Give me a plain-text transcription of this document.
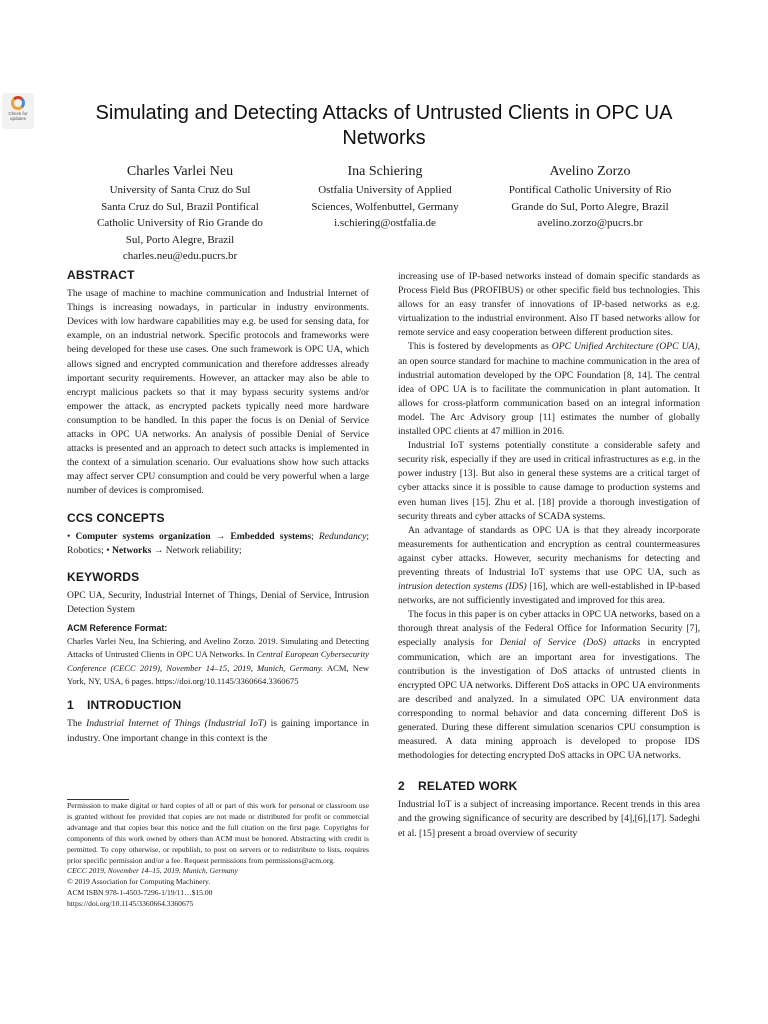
Check for
updates	Simulating and Detecting Attacks of Untrusted Clients in OPC UA Networks
Charles Varlei Neu
University of Santa Cruz do Sul
Santa Cruz do Sul, Brazil Pontifical
Catholic University of Rio Grande do
Sul, Porto Alegre, Brazil
charles.neu@edu.pucrs.br
Ina Schiering
Ostfalia University of Applied
Sciences, Wolfenbuttel, Germany
i.schiering@ostfalia.de
Avelino Zorzo
Pontifical Catholic University of Rio
Grande do Sul, Porto Alegre, Brazil
avelino.zorzo@pucrs.br
ABSTRACT

The usage of machine to machine communication and Industrial Internet of Things is increasing nowadays, in particular in industry environments. Devices with low hardware capabilities may e.g. be used for sensing data, for example, on an industrial network. Specific protocols and frameworks were being developed for these use cases. One such framework is OPC UA, which allows signed and encrypted communication and therefore addresses already important security requirements. However, an attacker may also be able to encrypt malicious packets so that it may bypass security systems and/or empower the attack, as encrypted packets typically need more hardware consumption to be handled. In this paper the focus is on Denial of Service attacks in OPC UA networks. An analysis of possible Denial of Service attacks is presented and an approach to detect such attacks is implemented in the context of a simulation scenario. Our evaluations show how such attacks may affect server CPU consumption and could be very powerful when a large number of devices is compromised.

CCS CONCEPTS

• Computer systems organization → Embedded systems; Redundancy; Robotics; • Networks → Network reliability;

KEYWORDS

OPC UA, Security, Industrial Internet of Things, Denial of Service, Intrusion Detection System

ACM Reference Format:

Charles Varlei Neu, Ina Schiering, and Avelino Zorzo. 2019. Simulating and Detecting Attacks of Untrusted Clients in OPC UA Networks. In Central European Cybersecurity Conference (CECC 2019), November 14–15, 2019, Munich, Germany. ACM, New York, NY, USA, 6 pages. https://doi.org/10.1145/3360664.3360675

1 INTRODUCTION

The Industrial Internet of Things (Industrial IoT) is gaining importance in industry. One important change in this context is the

Permission to make digital or hard copies of all or part of this work for personal or classroom use is granted without fee provided that copies are not made or distributed for profit or commercial advantage and that copies bear this notice and the full citation on the first page. Copyrights for components of this work owned by others than ACM must be honored. Abstracting with credit is permitted. To copy otherwise, or republish, to post on servers or to redistribute to lists, requires prior specific permission and/or a fee. Request permissions from permissions@acm.org.
CECC 2019, November 14–15, 2019, Munich, Germany
© 2019 Association for Computing Machinery.
ACM ISBN 978-1-4503-7296-1/19/11…$15.00
https://doi.org/10.1145/3360664.3360675

increasing use of IP-based networks instead of domain specific standards as Process Field Bus (PROFIBUS) or other specific field bus technologies. This allows for an easy transfer of innovations of IP-based networks as e.g. virtualization to the industrial environment. Also IT based networks allow for remote service and easy cooperation between different production sites.

This is fostered by developments as OPC Unified Architecture (OPC UA), an open source standard for machine to machine communication in the area of industrial automation developed by the OPC Foundation [8, 14]. The central idea of OPC UA is to facilitate the communication in plant automation. It allows for cross-platform communication based on an integral information model. The Arc Advisory group [11] estimates the number of globally installed OPC clients at 47 million in 2016.

Industrial IoT systems potentially constitute a considerable safety and security risk, especially if they are used in critical infrastructures as e.g. in the power industry [13]. But also in general these systems are a critical target of cyber attacks since it is possible to cause damage to production systems and even human lives [15]. Zhu et al. [18] provide a thorough investigation of security threats and cyber attacks of SCADA systems.

An advantage of standards as OPC UA is that they already incorporate measurements for authentication and encryption as central countermeasures against cyber attacks. However, security mechanisms for detecting and preventing threats of Industrial IoT systems that use OPC UA, such as intrusion detection systems (IDS) [16], which are well-established in IP-based networks, are not sufficiently investigated and improved for this area.

The focus in this paper is on cyber attacks in OPC UA networks, based on a thorough threat analysis of the Federal Office for Information Security [7], especially analysis for Denial of Service (DoS) attacks in encrypted communication, which are an important area for investigations. The contribution is the investigation of DoS attacks of untrusted clients in encrypted OPC UA networks. Different DoS attacks in OPC UA environments are described and analyzed. In a simulated OPC UA environment data corresponding to normal behavior and data concerning different DoS is generated. During these different simulation scenarios CPU consumption is measured. A data mining approach is developed to propose IDS methodologies for detecting encrypted DoS attacks in OPC UA networks.

2 RELATED WORK

Industrial IoT is a subject of increasing importance. Recent trends in this area and the growing significance of security are described by [4],[6],[17]. Sadeghi et al. [15] present a broad overview of security
